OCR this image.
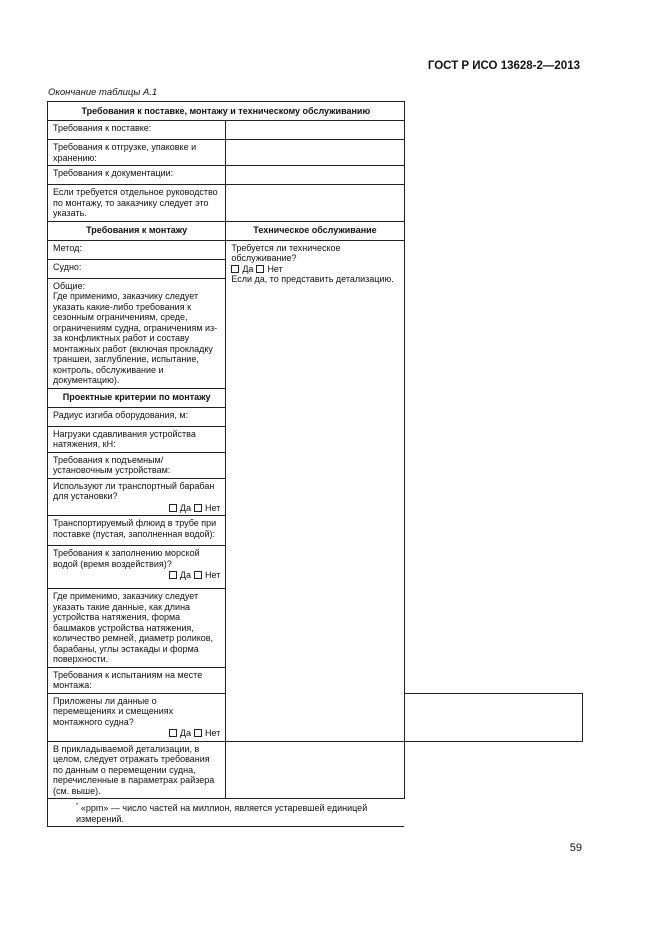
ГОСТ Р ИСО 13628-2—2013
Окончание таблицы А.1
Требования к поставке, монтажу и техническому обслуживанию		
Требования к поставке:		
Требования к отгрузке, упаковке и хранению:		
Требования к документации:		
Если требуется отдельное руководство по монтажу, то заказчику следует это указать.		
Требования к монтажу	Техническое обслуживание	
Метод:	Требуется ли техническое обслуживание?
Да Нет
Если да, то представить детализацию.	

Судно:		

Общие:
Где применимо, заказчику следует указать какие-либо требования к сезонным ограничениям, среде, ограничениям судна, ограничениям из-за конфликтных работ и составу монтажных работ (включая прокладку траншеи, заглубление, испытание, контроль, обслуживание и документацию).		

Проектные критерии по монтажу		
Радиус изгиба оборудования, м:		
Нагрузки сдавливания устройства натяжения, кН:		
Требования к подъемным/установочным устройствам:		

Используют ли транспортный барабан для установки?
Да Нет		

Транспортируемый флюид в трубе при поставке (пустая, заполненная водой):		

Требования к заполнению морской водой (время воздействия)?
Да Нет		

Где применимо, заказчику следует указать такие данные, как длина устройства натяжения, форма башмаков устройства натяжения, количество ремней, диаметр роликов, барабаны, углы эстакады и форма поверхности.		
Требования к испытаниям на месте монтажа:		

Приложены ли данные о перемещениях и смещениях монтажного судна?
Да Нет		

В прикладываемой детализации, в целом, следует отражать требования по данным о перемещении судна, перечисленные в параметрах райзера (см. выше).		
* «ppm» — число частей на миллион, является устаревшей единицей измерений.		
59
